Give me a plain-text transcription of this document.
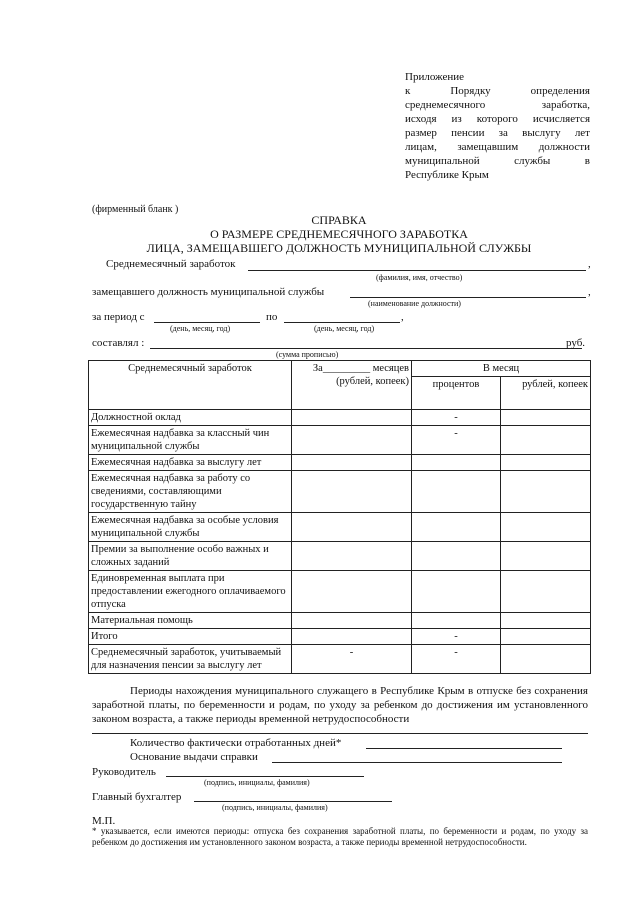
Приложение
к Порядку определения
среднемесячного заработка,
исходя из которого исчисляется
размер пенсии за выслугу лет
лицам, замещавшим должности
муниципальной службы в
Республике Крым
(фирменный бланк )
СПРАВКА
О РАЗМЕРЕ СРЕДНЕМЕСЯЧНОГО ЗАРАБОТКА
ЛИЦА, ЗАМЕЩАВШЕГО ДОЛЖНОСТЬ МУНИЦИПАЛЬНОЙ СЛУЖБЫ
Среднемесячный заработок	,
(фамилия, имя, отчество)
замещавшего должность муниципальной службы	,
(наименование должности)
за период с	по	,
(день, месяц, год)	(день, месяц, год)
составлял :	руб.
(сумма прописью)
Среднемесячный заработок	За_________ месяцев (рублей, копеек)	В месяц	
		процентов	рублей, копеек
Должностной оклад		-	
Ежемесячная надбавка за классный чин муниципальной службы		-	
Ежемесячная надбавка за выслугу лет			
Ежемесячная надбавка за работу со сведениями, составляющими государственную тайну			
Ежемесячная надбавка за особые условия муниципальной службы			
Премии за выполнение особо важных и сложных заданий			
Единовременная выплата при предоставлении ежегодного оплачиваемого отпуска			
Материальная помощь			
Итого		-	
Среднемесячный заработок, учитываемый для назначения пенсии за выслугу лет	-	-	
Периоды нахождения муниципального служащего в Республике Крым в отпуске без сохранения заработной платы, по беременности и родам, по уходу за ребенком до достижения им установленного законом возраста, а также периоды временной нетрудоспособности
Количество фактически отработанных дней*
Основание выдачи справки
Руководитель
(подпись, инициалы, фамилия)
Главный бухгалтер
(подпись, инициалы, фамилия)
М.П.
* указывается, если имеются периоды: отпуска без сохранения заработной платы, по беременности и родам, по уходу за ребенком до достижения им установленного законом возраста, а также периоды временной нетрудоспособности.
